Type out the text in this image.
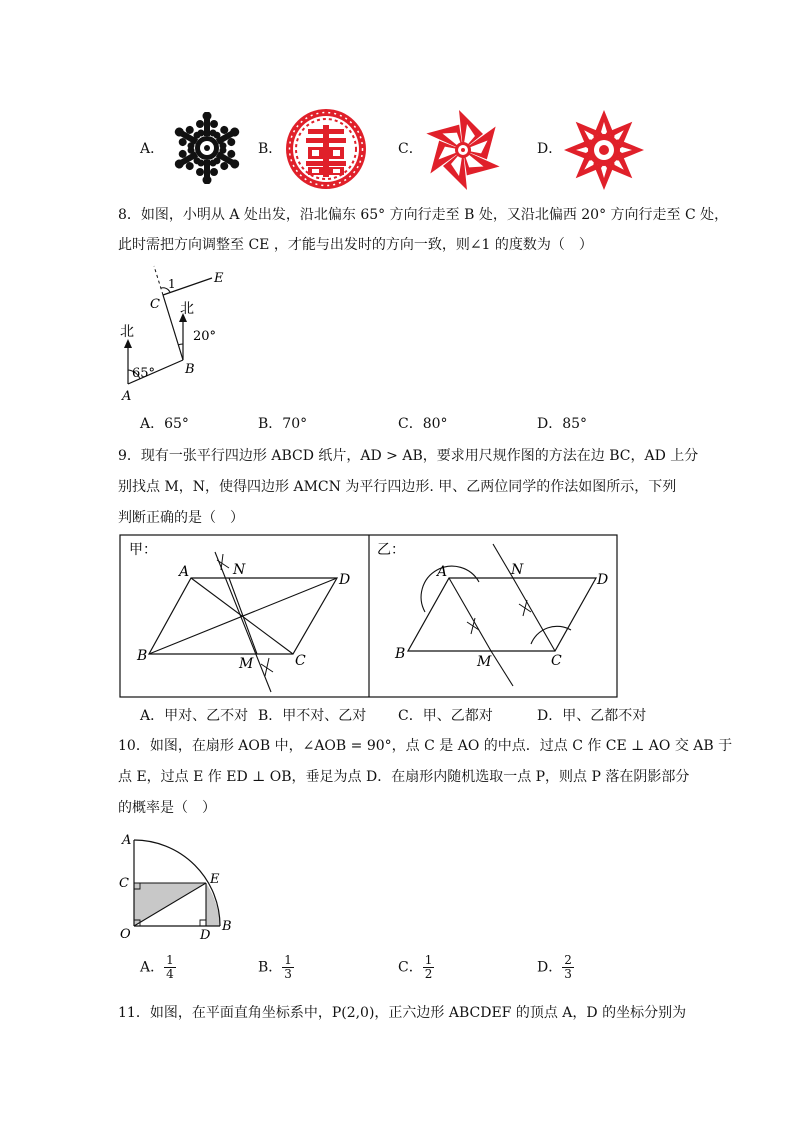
A．	B．	C．	D．
8．如图，小明从 A 处出发，沿北偏东 65° 方向行走至 B 处，又沿北偏西 20° 方向行走至 C 处，
此时需把方向调整至 CE ，才能与出发时的方向一致，则∠1 的度数为（　）
北
北
65°
20°
1
A
B
C
E
A．65°	B．70°	C．80°	D．85°
9．现有一张平行四边形 ABCD 纸片，AD > AB，要求用尺规作图的方法在边 BC，AD 上分
别找点 M，N，使得四边形 AMCN 为平行四边形. 甲、乙两位同学的作法如图所示，下列
判断正确的是（　）
甲：	乙：
A
B	C
D
M
N	A
B	C
D
M
N
A．甲对、乙不对 B．甲不对、乙对 C．甲、乙都对	D．甲、乙都不对
10．如图，在扇形 AOB 中，∠AOB = 90°，点 C 是 AO 的中点．过点 C 作 CE ⊥ AO 交 AB 于
点 E，过点 E 作 ED ⊥ OB，垂足为点 D．在扇形内随机选取一点 P，则点 P 落在阴影部分
的概率是（　）
A
C
O	D
B
E
A． $\frac{1}{4}$	B． $\frac{1}{3}$	C． $\frac{1}{2}$	D． $\frac{2}{3}$
11．如图，在平面直角坐标系中，P(2,0)，正六边形 ABCDEF 的顶点 A，D 的坐标分别为
